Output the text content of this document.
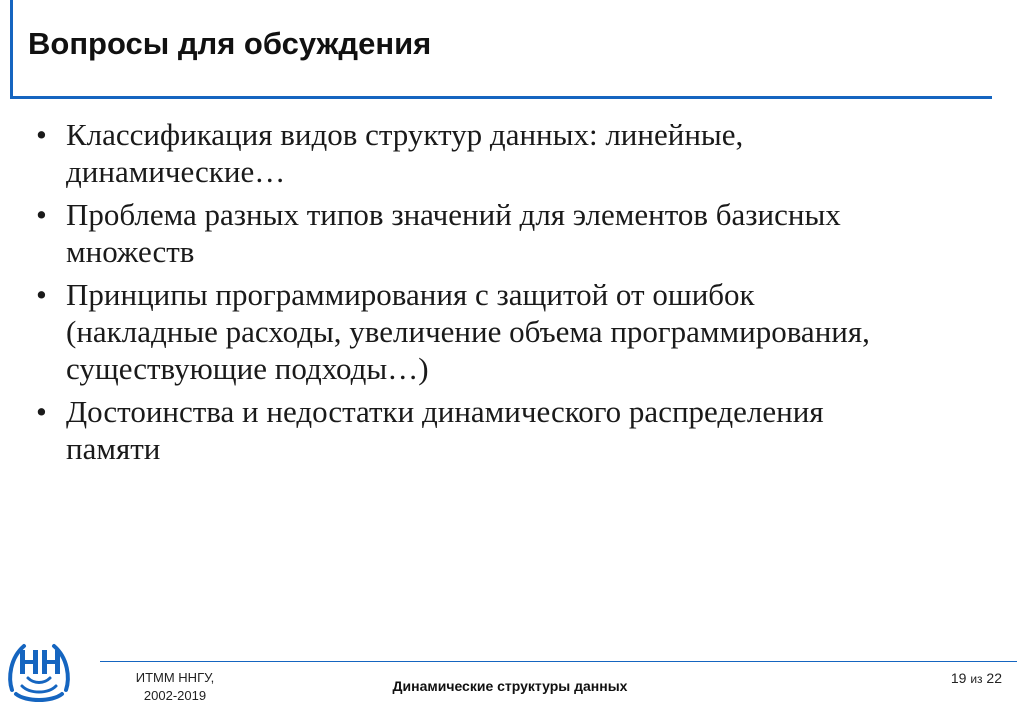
Вопросы для обсуждения
• Классификация видов структур данных: линейные,
динамические…
• Проблема разных типов значений для элементов базисных
множеств
• Принципы программирования с защитой от ошибок
(накладные расходы, увеличение объема программирования,
существующие подходы…)
• Достоинства и недостатки динамического распределения
памяти
ИТММ ННГУ,
2002-2019
Динамические структуры данных	19 из 22
